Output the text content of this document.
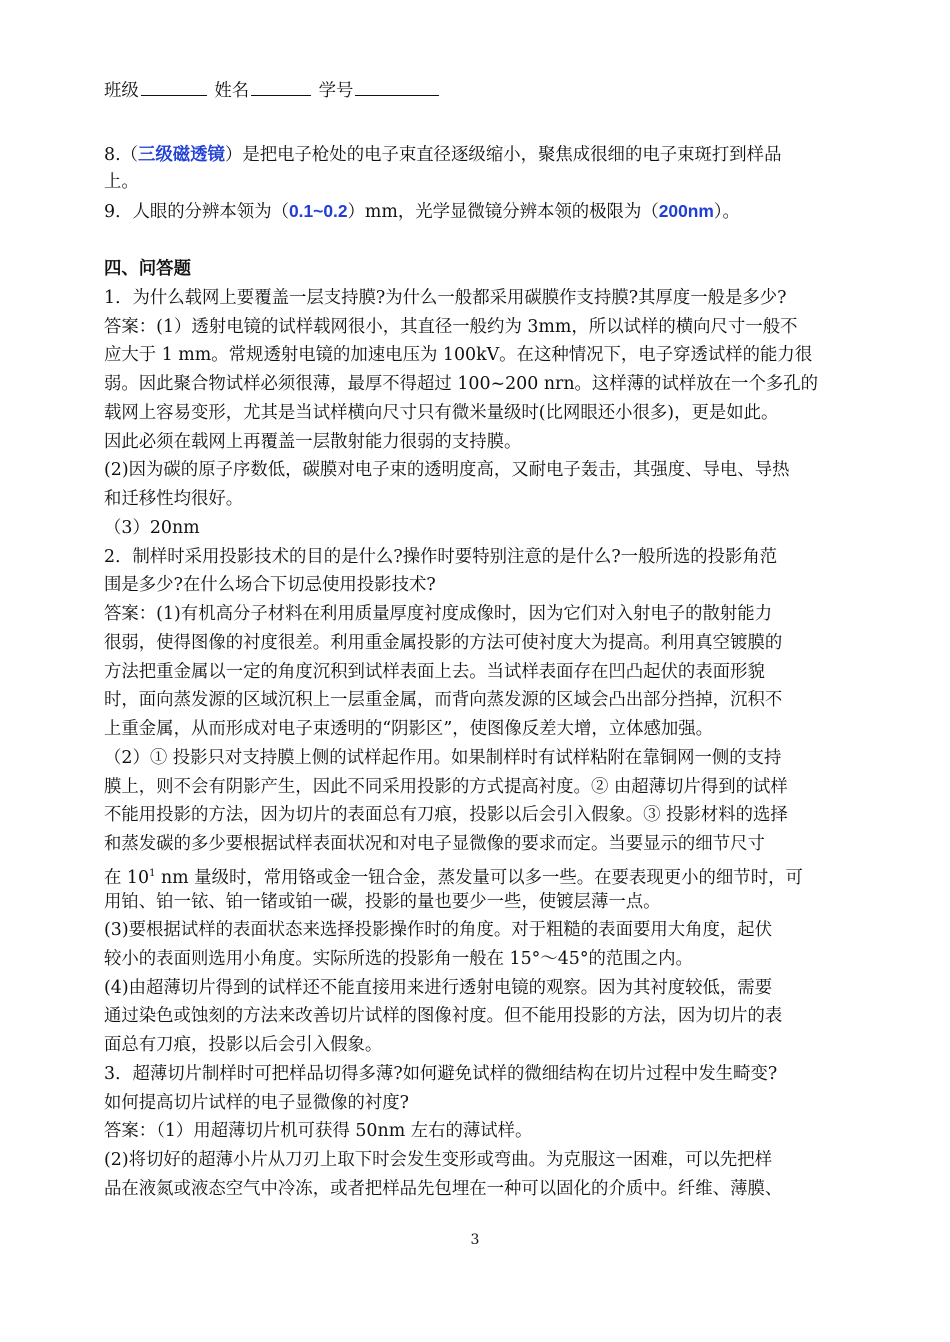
班级	姓名	学号
8.（三级磁透镜）是把电子枪处的电子束直径逐级缩小，聚焦成很细的电子束斑打到样品
上。
9．人眼的分辨本领为（0.1~0.2）mm，光学显微镜分辨本领的极限为（200nm）。
四、问答题
1．为什么载网上要覆盖一层支持膜?为什么一般都采用碳膜作支持膜?其厚度一般是多少?
答案：(1）透射电镜的试样载网很小，其直径一般约为 3mm，所以试样的横向尺寸一般不
应大于 1 mm。常规透射电镜的加速电压为 100kV。在这种情况下，电子穿透试样的能力很
弱。因此聚合物试样必须很薄，最厚不得超过 100~200 nrn。这样薄的试样放在一个多孔的
载网上容易变形，尤其是当试样横向尺寸只有微米量级时(比网眼还小很多)，更是如此。
因此必须在载网上再覆盖一层散射能力很弱的支持膜。
(2)因为碳的原子序数低，碳膜对电子束的透明度高，又耐电子轰击，其强度、导电、导热
和迁移性均很好。
（3）20nm
2．制样时采用投影技术的目的是什么?操作时要特别注意的是什么?一般所选的投影角范
围是多少?在什么场合下切忌使用投影技术?
答案：(1)有机高分子材料在利用质量厚度衬度成像时，因为它们对入射电子的散射能力
很弱，使得图像的衬度很差。利用重金属投影的方法可使衬度大为提高。利用真空镀膜的
方法把重金属以一定的角度沉积到试样表面上去。当试样表面存在凹凸起伏的表面形貌
时，面向蒸发源的区域沉积上一层重金属，而背向蒸发源的区域会凸出部分挡掉，沉积不
上重金属，从而形成对电子束透明的“阴影区”，使图像反差大增，立体感加强。
（2）① 投影只对支持膜上侧的试样起作用。如果制样时有试样粘附在靠铜网一侧的支持
膜上，则不会有阴影产生，因此不同采用投影的方式提高衬度。② 由超薄切片得到的试样
不能用投影的方法，因为切片的表面总有刀痕，投影以后会引入假象。③ 投影材料的选择
和蒸发碳的多少要根据试样表面状况和对电子显微像的要求而定。当要显示的细节尺寸
在 $10^1$ nm 量级时，常用铬或金一钮合金，蒸发量可以多一些。在要表现更小的细节时，可
用铂、铂一铱、铂一锗或铂一碳，投影的量也要少一些，使镀层薄一点。
(3)要根据试样的表面状态来选择投影操作时的角度。对于粗糙的表面要用大角度，起伏
较小的表面则选用小角度。实际所选的投影角一般在 15°～45°的范围之内。
(4)由超薄切片得到的试样还不能直接用来进行透射电镜的观察。因为其衬度较低，需要
通过染色或蚀刻的方法来改善切片试样的图像衬度。但不能用投影的方法，因为切片的表
面总有刀痕，投影以后会引入假象。
3．超薄切片制样时可把样品切得多薄?如何避免试样的微细结构在切片过程中发生畸变?
如何提高切片试样的电子显微像的衬度?
答案：（1）用超薄切片机可获得 50nm 左右的薄试样。
(2)将切好的超薄小片从刀刃上取下时会发生变形或弯曲。为克服这一困难，可以先把样
品在液氮或液态空气中冷冻，或者把样品先包埋在一种可以固化的介质中。纤维、薄膜、
3
